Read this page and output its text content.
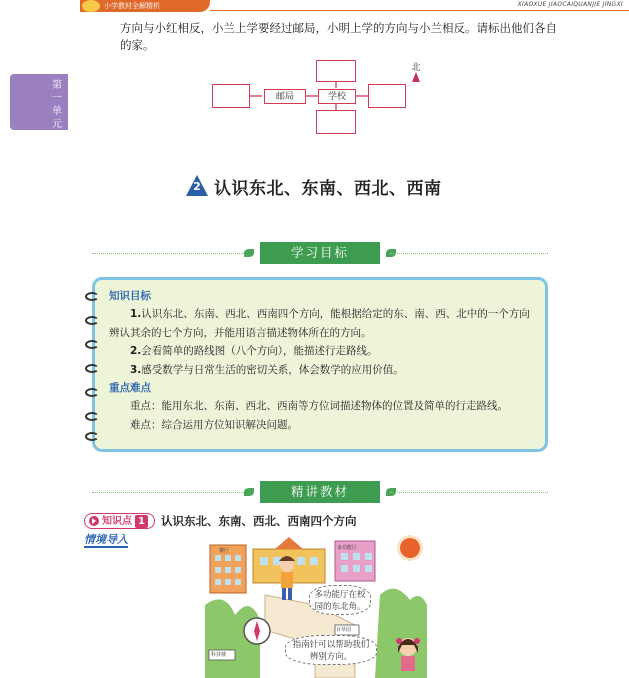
小学教材全解精析	XIAOXUE JIAOCAIQUANJIE JINGXI

方向与小红相反，小兰上学要经过邮局，小明上学的方向与小兰相反。请标出他们各自的家。

第
一
单
元
邮局	学校
北
2 认识东北、东南、西北、西南
学习目标
知识目标
1.认识东北、东南、西北、西南四个方向，能根据给定的东、南、西、北中的一个方向辨认其余的七个方向，并能用语言描述物体所在的方向。
2.会看简单的路线图（八个方向），能描述行走路线。
3.感受数学与日常生活的密切关系，体会数学的应用价值。
重点难点
重点：能用东北、东南、西北、西南等方位词描述物体的位置及简单的行走路线。
难点：综合运用方位知识解决问题。
精讲教材
知识点 1 认识东北、东南、西北、西南四个方向
情境导入
餐厅	多功能厅
百草园
科技楼
多功能厅在校园的东北角。
指南针可以帮助我们辨别方向。
